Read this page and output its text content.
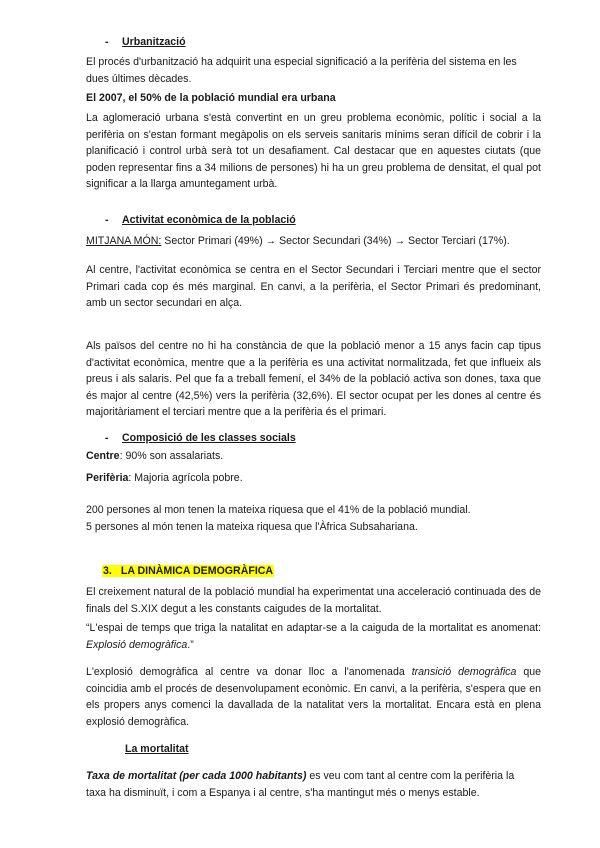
- Urbanització

El procés d'urbanització ha adquirit una especial significació a la perifèria del sistema en les dues últimes dècades.

El 2007, el 50% de la població mundial era urbana

La aglomeració urbana s'està convertint en un greu problema econòmic, polític i social a la perifèria on s'estan formant megàpolis on els serveis sanitaris mínims seran difícil de cobrir i la planificació i control urbà serà tot un desafiament. Cal destacar que en aquestes ciutats (que poden representar fins a 34 milions de persones) hi ha un greu problema de densitat, el qual pot significar a la llarga amuntegament urbà.

- Activitat econòmica de la població

MITJANA MÓN: Sector Primari (49%) → Sector Secundari (34%) → Sector Terciari (17%).

Al centre, l'activitat econòmica se centra en el Sector Secundari i Terciari mentre que el sector Primari cada cop és més marginal. En canvi, a la perifèria, el Sector Primari és predominant, amb un sector secundari en alça.

Als països del centre no hi ha constància de que la població menor a 15 anys facin cap tipus d'activitat econòmica, mentre que a la perifèria es una activitat normalitzada, fet que influeix als preus i als salaris. Pel que fa a treball femení, el 34% de la població activa son dones, taxa que és major al centre (42,5%) vers la perifèria (32,6%). El sector ocupat per les dones al centre és majoritàriament el terciari mentre que a la perifèria és el primari.

- Composició de les classes socials

Centre: 90% son assalariats.

Perifèria: Majoria agrícola pobre.

200 persones al mon tenen la mateixa riquesa que el 41% de la població mundial.

5 persones al món tenen la mateixa riquesa que l'Àfrica Subsahariana.

3. LA DINÀMICA DEMOGRÀFICA

El creixement natural de la població mundial ha experimentat una acceleració continuada des de finals del S.XIX degut a les constants caigudes de la mortalitat.

“L'espai de temps que triga la natalitat en adaptar-se a la caiguda de la mortalitat es anomenat: Explosió demogràfica.”

L'explosió demogràfica al centre va donar lloc a l'anomenada transició demogràfica que coincidia amb el procés de desenvolupament econòmic. En canvi, a la perifèria, s'espera que en els propers anys comenci la davallada de la natalitat vers la mortalitat. Encara està en plena explosió demogràfica.

La mortalitat

Taxa de mortalitat (per cada 1000 habitants) es veu com tant al centre com la perifèria la taxa ha disminuït, i com a Espanya i al centre, s'ha mantingut més o menys estable.
